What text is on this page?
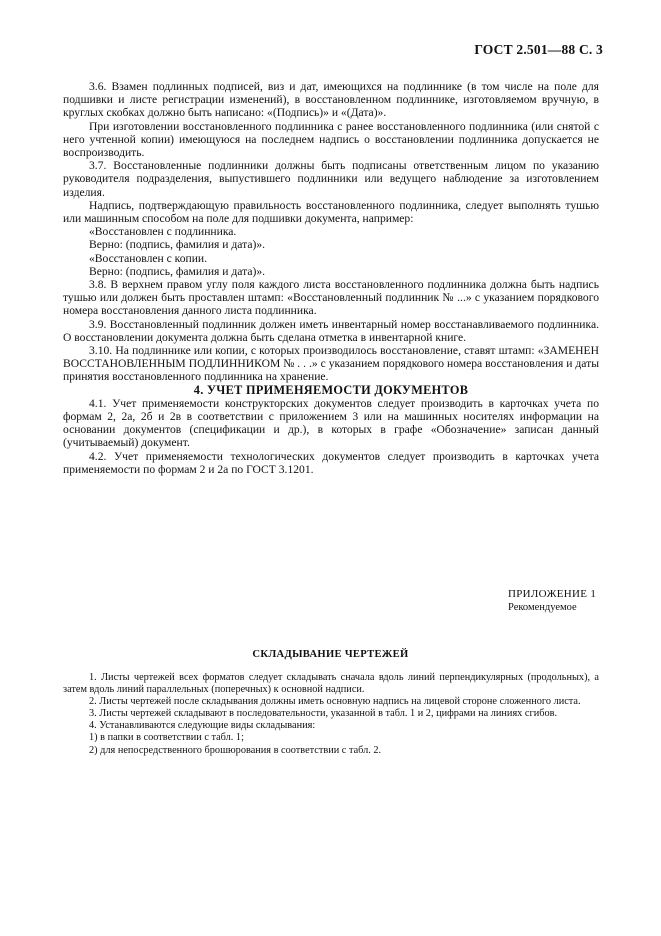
ГОСТ 2.501—88 С. 3

3.6. Взамен подлинных подписей, виз и дат, имеющихся на подлиннике (в том числе на поле для подшивки и листе регистрации изменений), в восстановленном подлиннике, изготовляемом вручную, в круглых скобках должно быть написано: «(Подпись)» и «(Дата)».

При изготовлении восстановленного подлинника с ранее восстановленного подлинника (или снятой с него учтенной копии) имеющуюся на последнем надпись о восстановлении подлинника допускается не воспроизводить.

3.7. Восстановленные подлинники должны быть подписаны ответственным лицом по указанию руководителя подразделения, выпустившего подлинники или ведущего наблюдение за изготовлением изделия.

Надпись, подтверждающую правильность восстановленного подлинника, следует выполнять тушью или машинным способом на поле для подшивки документа, например:

«Восстановлен с подлинника.

Верно: (подпись, фамилия и дата)».

«Восстановлен с копии.

Верно: (подпись, фамилия и дата)».

3.8. В верхнем правом углу поля каждого листа восстановленного подлинника должна быть надпись тушью или должен быть проставлен штамп: «Восстановленный подлинник № ...» с указанием порядкового номера восстановления данного листа подлинника.

3.9. Восстановленный подлинник должен иметь инвентарный номер восстанавливаемого подлинника. О восстановлении документа должна быть сделана отметка в инвентарной книге.

3.10. На подлиннике или копии, с которых производилось восстановление, ставят штамп: «ЗАМЕНЕН ВОССТАНОВЛЕННЫМ ПОДЛИННИКОМ № . . .» с указанием порядкового номера восстановления и даты принятия восстановленного подлинника на хранение.

4. УЧЕТ ПРИМЕНЯЕМОСТИ ДОКУМЕНТОВ

4.1. Учет применяемости конструкторских документов следует производить в карточках учета по формам 2, 2а, 2б и 2в в соответствии с приложением 3 или на машинных носителях информации на основании документов (спецификации и др.), в которых в графе «Обозначение» записан данный (учитываемый) документ.

4.2. Учет применяемости технологических документов следует производить в карточках учета применяемости по формам 2 и 2а по ГОСТ 3.1201.

ПРИЛОЖЕНИЕ 1
Рекомендуемое
СКЛАДЫВАНИЕ ЧЕРТЕЖЕЙ

1. Листы чертежей всех форматов следует складывать сначала вдоль линий перпендикулярных (продольных), а затем вдоль линий параллельных (поперечных) к основной надписи.

2. Листы чертежей после складывания должны иметь основную надпись на лицевой стороне сложенного листа.

3. Листы чертежей складывают в последовательности, указанной в табл. 1 и 2, цифрами на линиях сгибов.

4. Устанавливаются следующие виды складывания:

1) в папки в соответствии с табл. 1;

2) для непосредственного брошюрования в соответствии с табл. 2.
